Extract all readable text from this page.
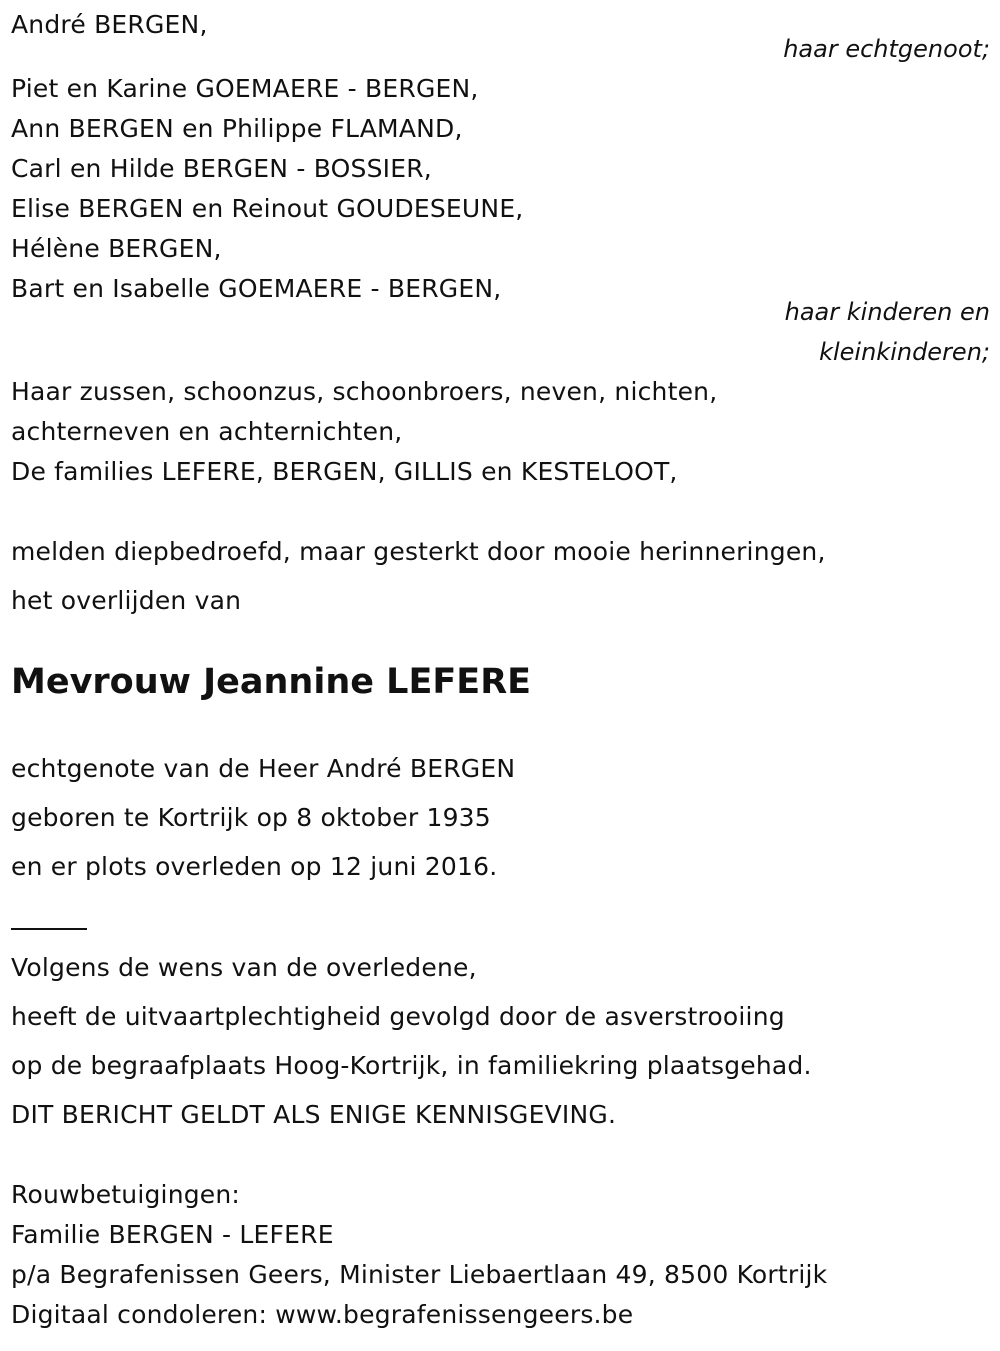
André BERGEN,
haar echtgenoot;
Piet en Karine GOEMAERE - BERGEN,
Ann BERGEN en Philippe FLAMAND,
Carl en Hilde BERGEN - BOSSIER,
Elise BERGEN en Reinout GOUDESEUNE,
Hélène BERGEN,
Bart en Isabelle GOEMAERE - BERGEN,
haar kinderen en
kleinkinderen;
Haar zussen, schoonzus, schoonbroers, neven, nichten,
achterneven en achternichten,
De families LEFERE, BERGEN, GILLIS en KESTELOOT,
melden diepbedroefd, maar gesterkt door mooie herinneringen,
het overlijden van
Mevrouw Jeannine LEFERE
echtgenote van de Heer André BERGEN
geboren te Kortrijk op 8 oktober 1935
en er plots overleden op 12 juni 2016.
Volgens de wens van de overledene,
heeft de uitvaartplechtigheid gevolgd door de asverstrooiing
op de begraafplaats Hoog-Kortrijk, in familiekring plaatsgehad.
DIT BERICHT GELDT ALS ENIGE KENNISGEVING.
Rouwbetuigingen:
Familie BERGEN - LEFERE
p/a Begrafenissen Geers, Minister Liebaertlaan 49, 8500 Kortrijk
Digitaal condoleren: www.begrafenissengeers.be
